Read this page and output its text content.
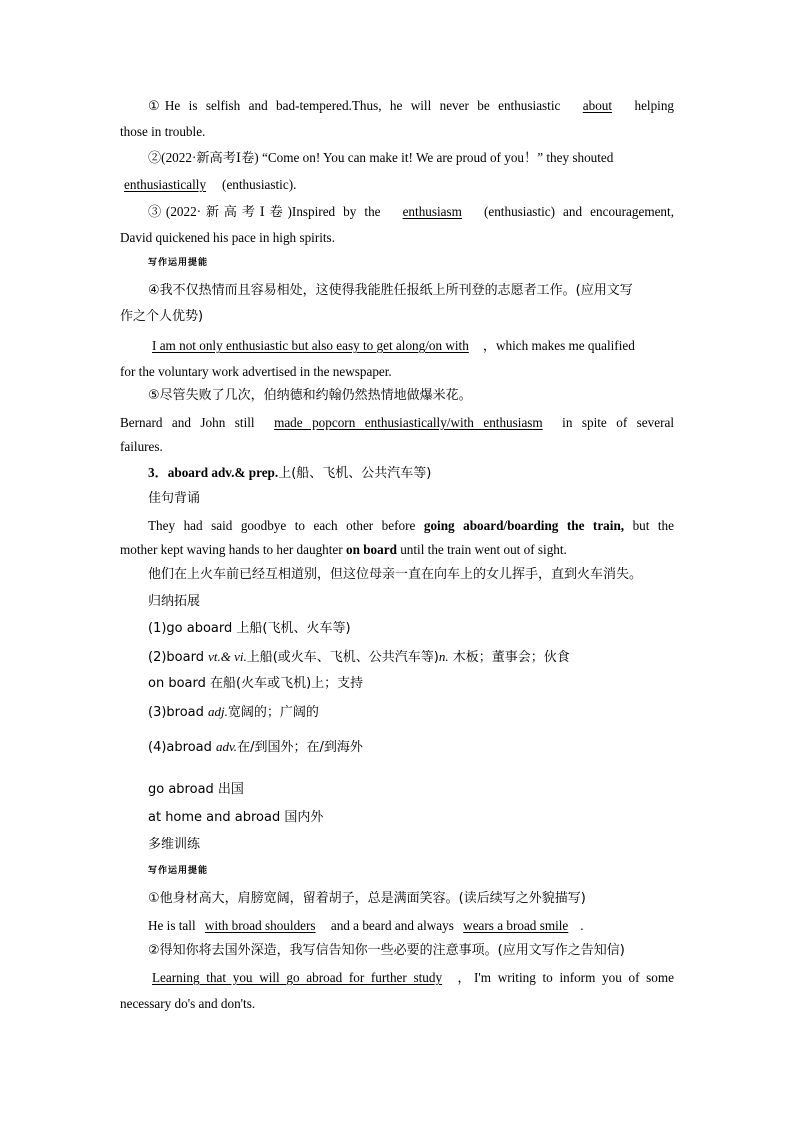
①He is selfish and bad-tempered.Thus, he will never be enthusiastic about helping
those in trouble.
②(2022·新高考Ⅰ卷) “Come on! You can make it! We are proud of you！” they shouted
enthusiastically (enthusiastic).
③(2022·新高考Ⅰ卷)Inspired by the enthusiasm (enthusiastic) and encouragement,
David quickened his pace in high spirits.
写作运用提能
④我不仅热情而且容易相处，这使得我能胜任报纸上所刊登的志愿者工作。(应用文写
作之个人优势)
I am not only enthusiastic but also easy to get along/on with ，which makes me qualified
for the voluntary work advertised in the newspaper.
⑤尽管失败了几次，伯纳德和约翰仍然热情地做爆米花。
Bernard and John still made popcorn enthusiastically/with enthusiasm in spite of several
failures.
3．aboard adv.& prep.上(船、飞机、公共汽车等)
佳句背诵
They had said goodbye to each other before going aboard/boarding the train, but the
mother kept waving hands to her daughter on board until the train went out of sight.
他们在上火车前已经互相道别，但这位母亲一直在向车上的女儿挥手，直到火车消失。
归纳拓展
(1)go aboard 上船(飞机、火车等)
(2)board vt.& vi.上船(或火车、飞机、公共汽车等)n. 木板；董事会；伙食
on board 在船(火车或飞机)上；支持
(3)broad adj.宽阔的；广阔的
(4)abroad adv.在/到国外；在/到海外
go abroad 出国
at home and abroad 国内外
多维训练
写作运用提能
①他身材高大，肩膀宽阔，留着胡子，总是满面笑容。(读后续写之外貌描写)
He is tall with broad shoulders and a beard and always wears a broad smile .
②得知你将去国外深造，我写信告知你一些必要的注意事项。(应用文写作之告知信)
Learning that you will go abroad for further study ，I'm writing to inform you of some
necessary do's and don'ts.
